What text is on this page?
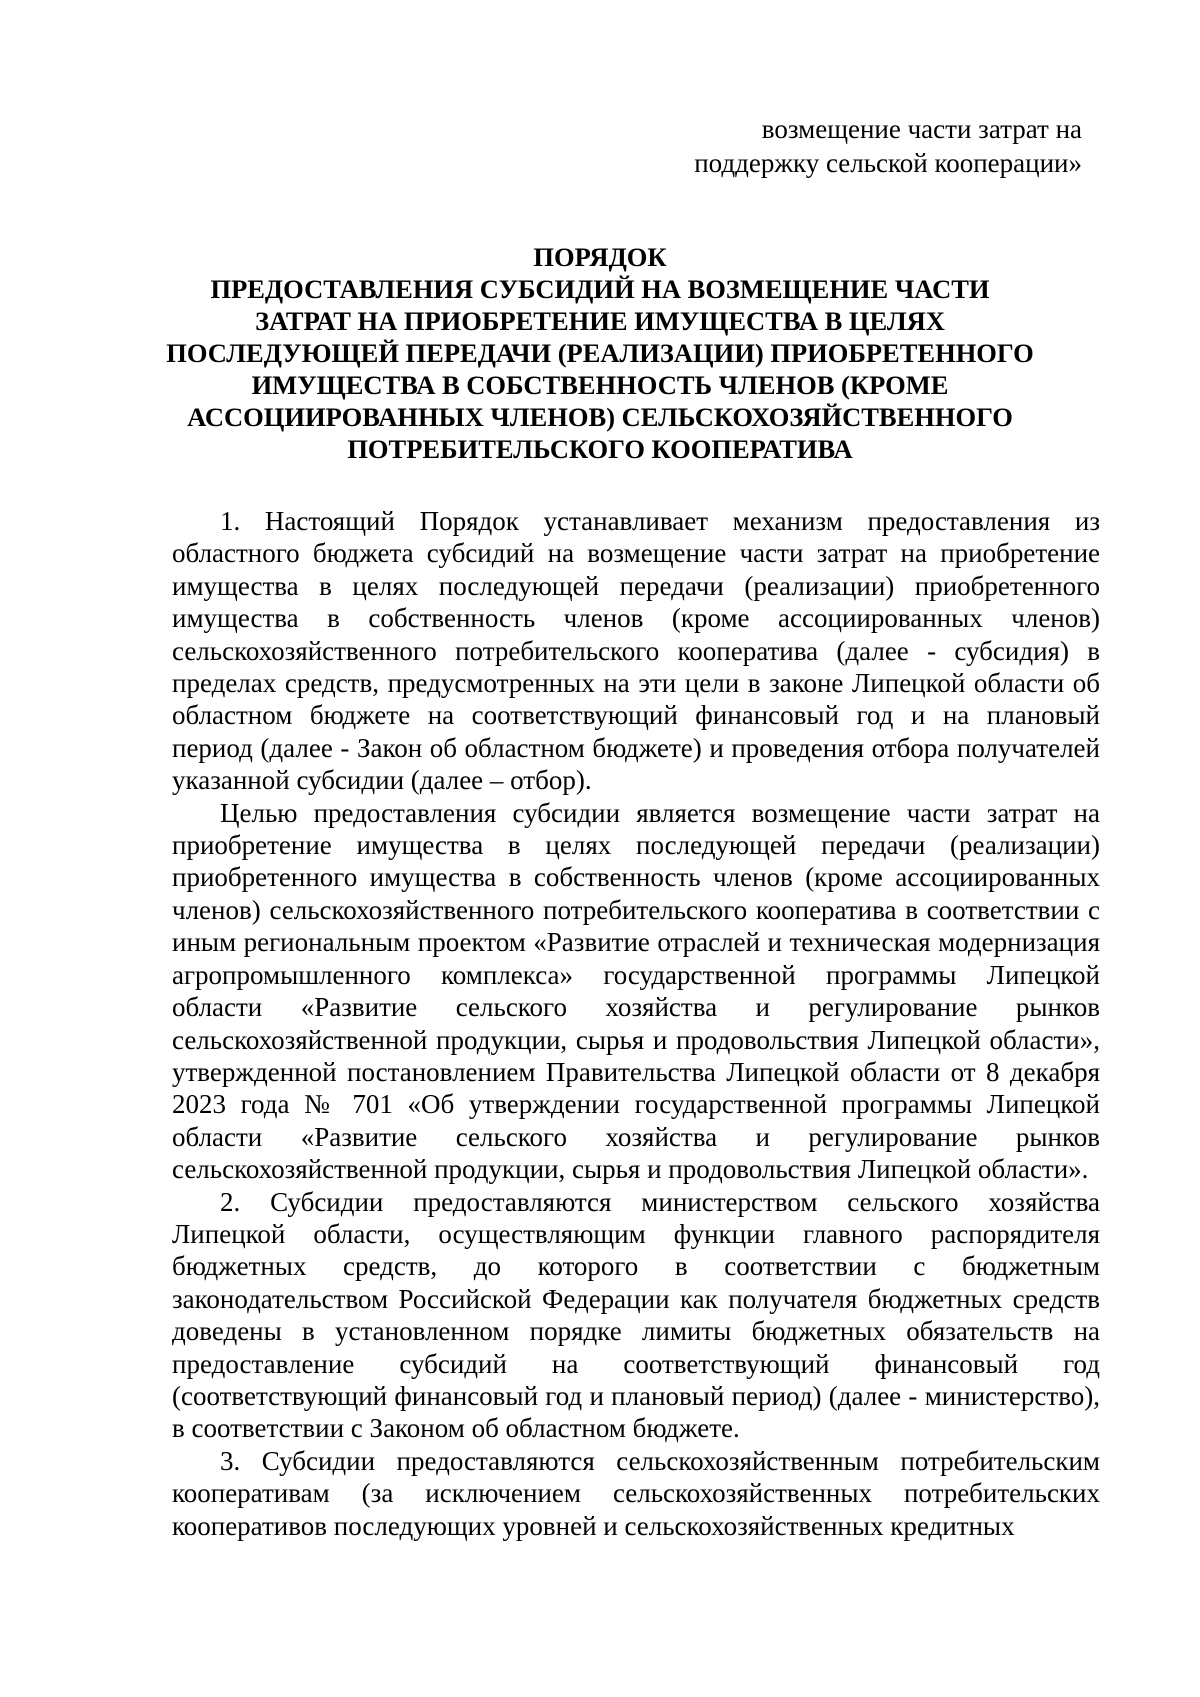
возмещение части затрат на
поддержку сельской кооперации»
ПОРЯДОК
ПРЕДОСТАВЛЕНИЯ СУБСИДИЙ НА ВОЗМЕЩЕНИЕ ЧАСТИ
ЗАТРАТ НА ПРИОБРЕТЕНИЕ ИМУЩЕСТВА В ЦЕЛЯХ
ПОСЛЕДУЮЩЕЙ ПЕРЕДАЧИ (РЕАЛИЗАЦИИ) ПРИОБРЕТЕННОГО
ИМУЩЕСТВА В СОБСТВЕННОСТЬ ЧЛЕНОВ (КРОМЕ
АССОЦИИРОВАННЫХ ЧЛЕНОВ) СЕЛЬСКОХОЗЯЙСТВЕННОГО
ПОТРЕБИТЕЛЬСКОГО КООПЕРАТИВА

1. Настоящий Порядок устанавливает механизм предоставления из областного бюджета субсидий на возмещение части затрат на приобретение имущества в целях последующей передачи (реализации) приобретенного имущества в собственность членов (кроме ассоциированных членов) сельскохозяйственного потребительского кооператива (далее - субсидия) в пределах средств, предусмотренных на эти цели в законе Липецкой области об областном бюджете на соответствующий финансовый год и на плановый период (далее - Закон об областном бюджете) и проведения отбора получателей указанной субсидии (далее – отбор).

Целью предоставления субсидии является возмещение части затрат на приобретение имущества в целях последующей передачи (реализации) приобретенного имущества в собственность членов (кроме ассоциированных членов) сельскохозяйственного потребительского кооператива в соответствии с иным региональным проектом «Развитие отраслей и техническая модернизация агропромышленного комплекса» государственной программы Липецкой области «Развитие сельского хозяйства и регулирование рынков сельскохозяйственной продукции, сырья и продовольствия Липецкой области», утвержденной постановлением Правительства Липецкой области от 8 декабря 2023 года № 701 «Об утверждении государственной программы Липецкой области «Развитие сельского хозяйства и регулирование рынков сельскохозяйственной продукции, сырья и продовольствия Липецкой области».

2. Субсидии предоставляются министерством сельского хозяйства Липецкой области, осуществляющим функции главного распорядителя бюджетных средств, до которого в соответствии с бюджетным законодательством Российской Федерации как получателя бюджетных средств доведены в установленном порядке лимиты бюджетных обязательств на предоставление субсидий на соответствующий финансовый год (соответствующий финансовый год и плановый период) (далее - министерство), в соответствии с Законом об областном бюджете.

3. Субсидии предоставляются сельскохозяйственным потребительским кооперативам (за исключением сельскохозяйственных потребительских кооперативов последующих уровней и сельскохозяйственных кредитных
